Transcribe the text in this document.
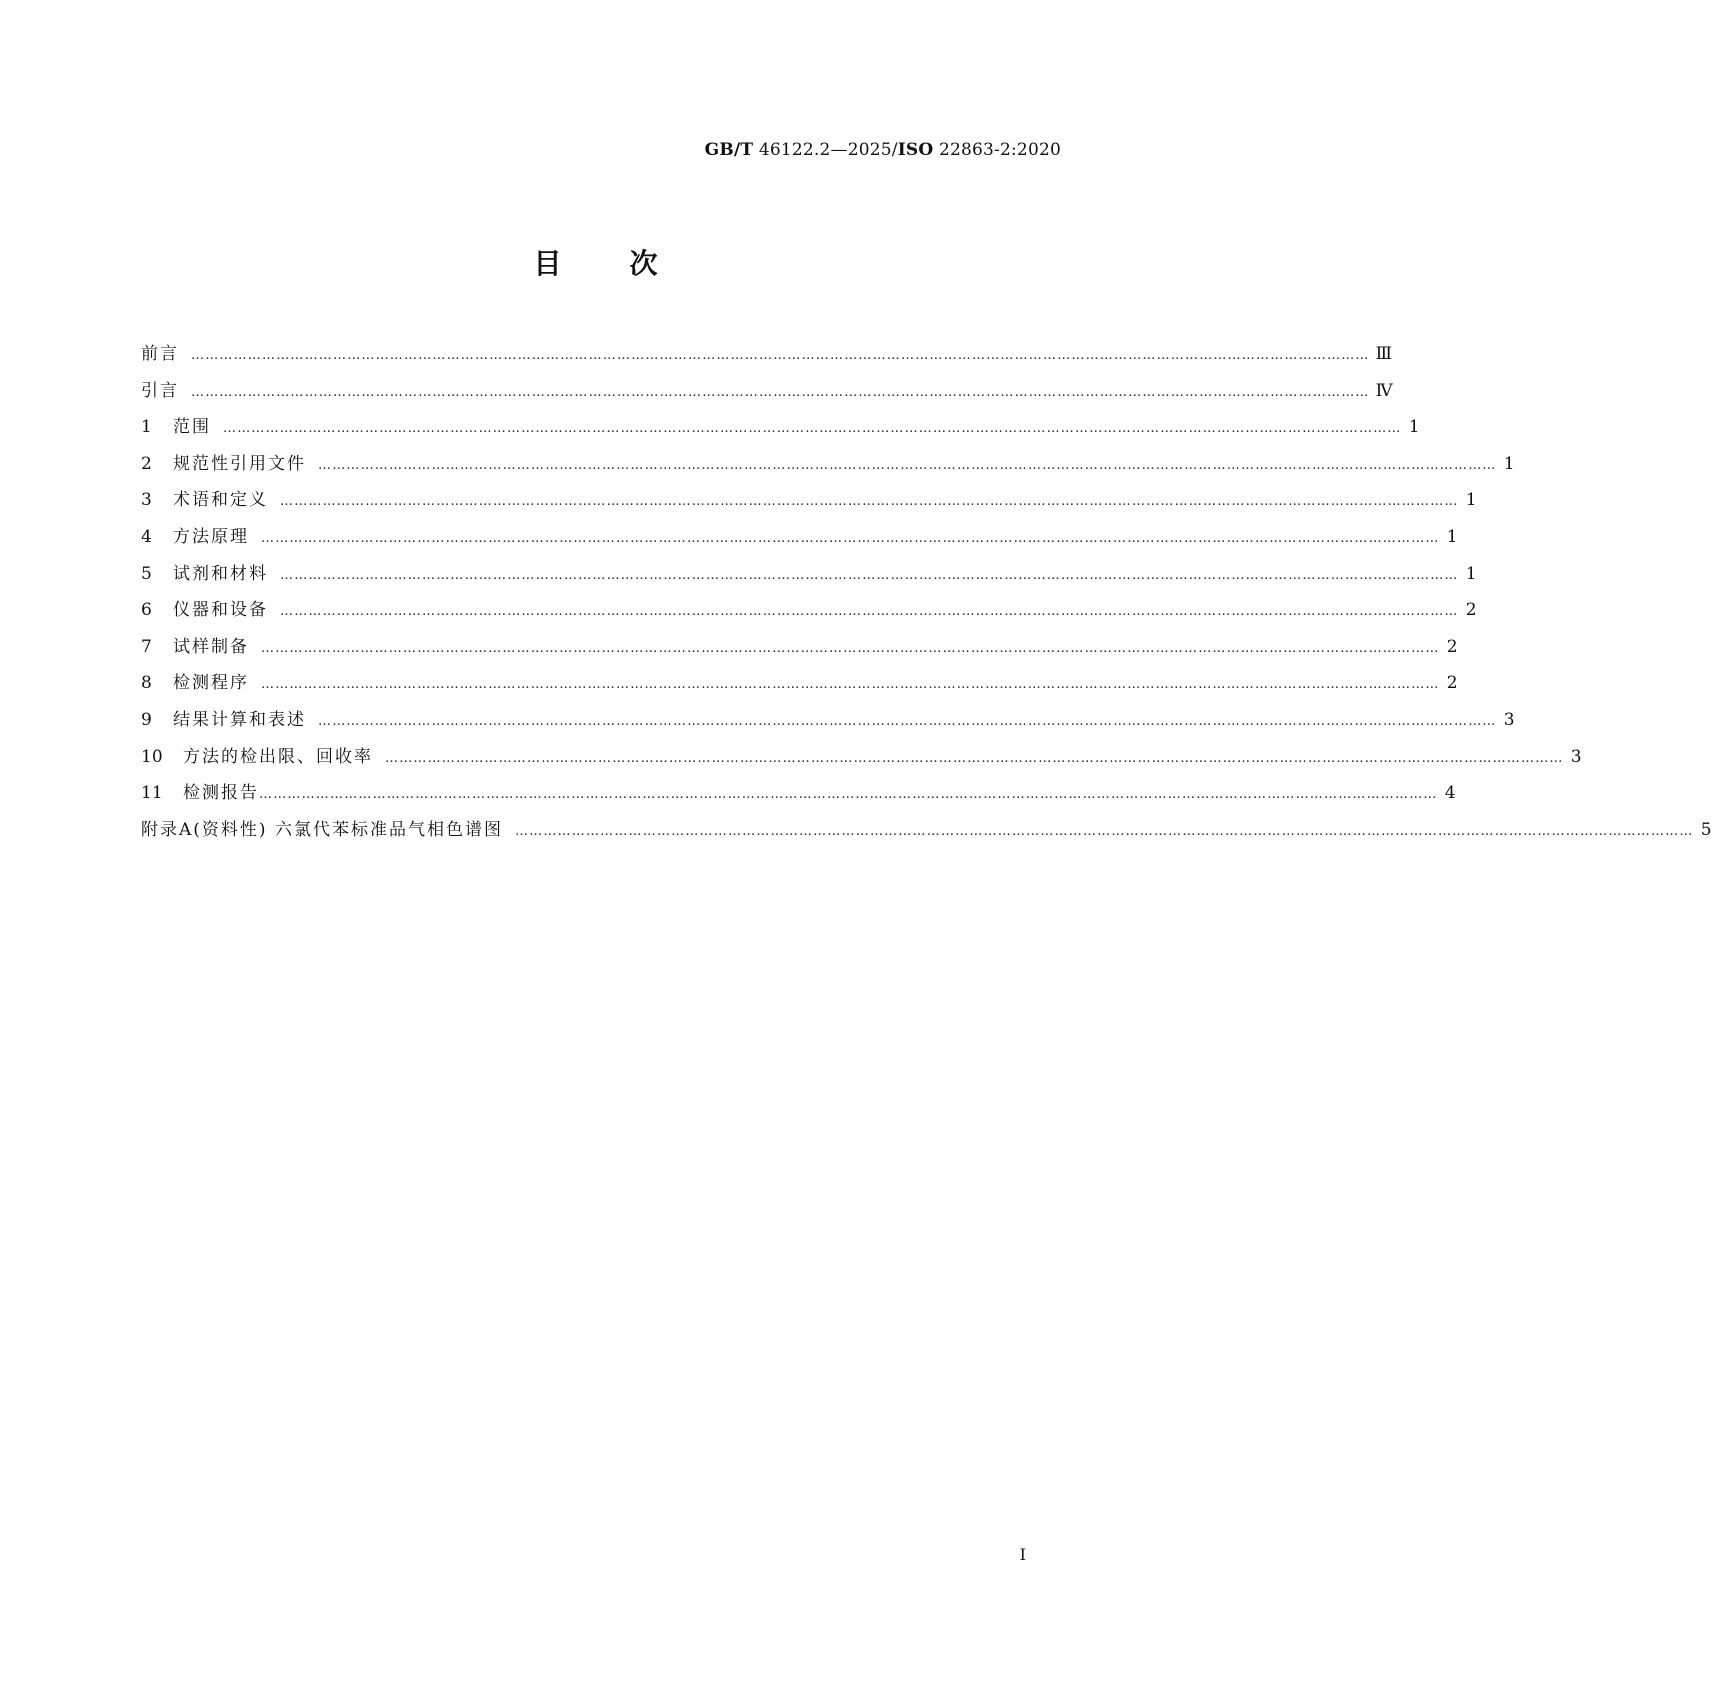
GB/T 46122.2—2025/ISO 22863-2:2020
目次
前言 …………………………………………………………………………………………………………………………………………………………………………………………………………………………… Ⅲ
引言 …………………………………………………………………………………………………………………………………………………………………………………………………………………………… Ⅳ
1	范围 …………………………………………………………………………………………………………………………………………………………………………………………………………………………… 1
2	规范性引用文件 …………………………………………………………………………………………………………………………………………………………………………………………………………………………… 1
3	术语和定义 …………………………………………………………………………………………………………………………………………………………………………………………………………………………… 1
4	方法原理 …………………………………………………………………………………………………………………………………………………………………………………………………………………………… 1
5	试剂和材料 …………………………………………………………………………………………………………………………………………………………………………………………………………………………… 1
6	仪器和设备 …………………………………………………………………………………………………………………………………………………………………………………………………………………………… 2
7	试样制备 …………………………………………………………………………………………………………………………………………………………………………………………………………………………… 2
8	检测程序 …………………………………………………………………………………………………………………………………………………………………………………………………………………………… 2
9	结果计算和表述 …………………………………………………………………………………………………………………………………………………………………………………………………………………………… 3
10	方法的检出限、回收率 …………………………………………………………………………………………………………………………………………………………………………………………………………………………… 3
11	检测报告 …………………………………………………………………………………………………………………………………………………………………………………………………………………………… 4
附录A(资料性) 六氯代苯标准品气相色谱图 …………………………………………………………………………………………………………………………………………………………………………………………………………………………… 5
Ⅰ
